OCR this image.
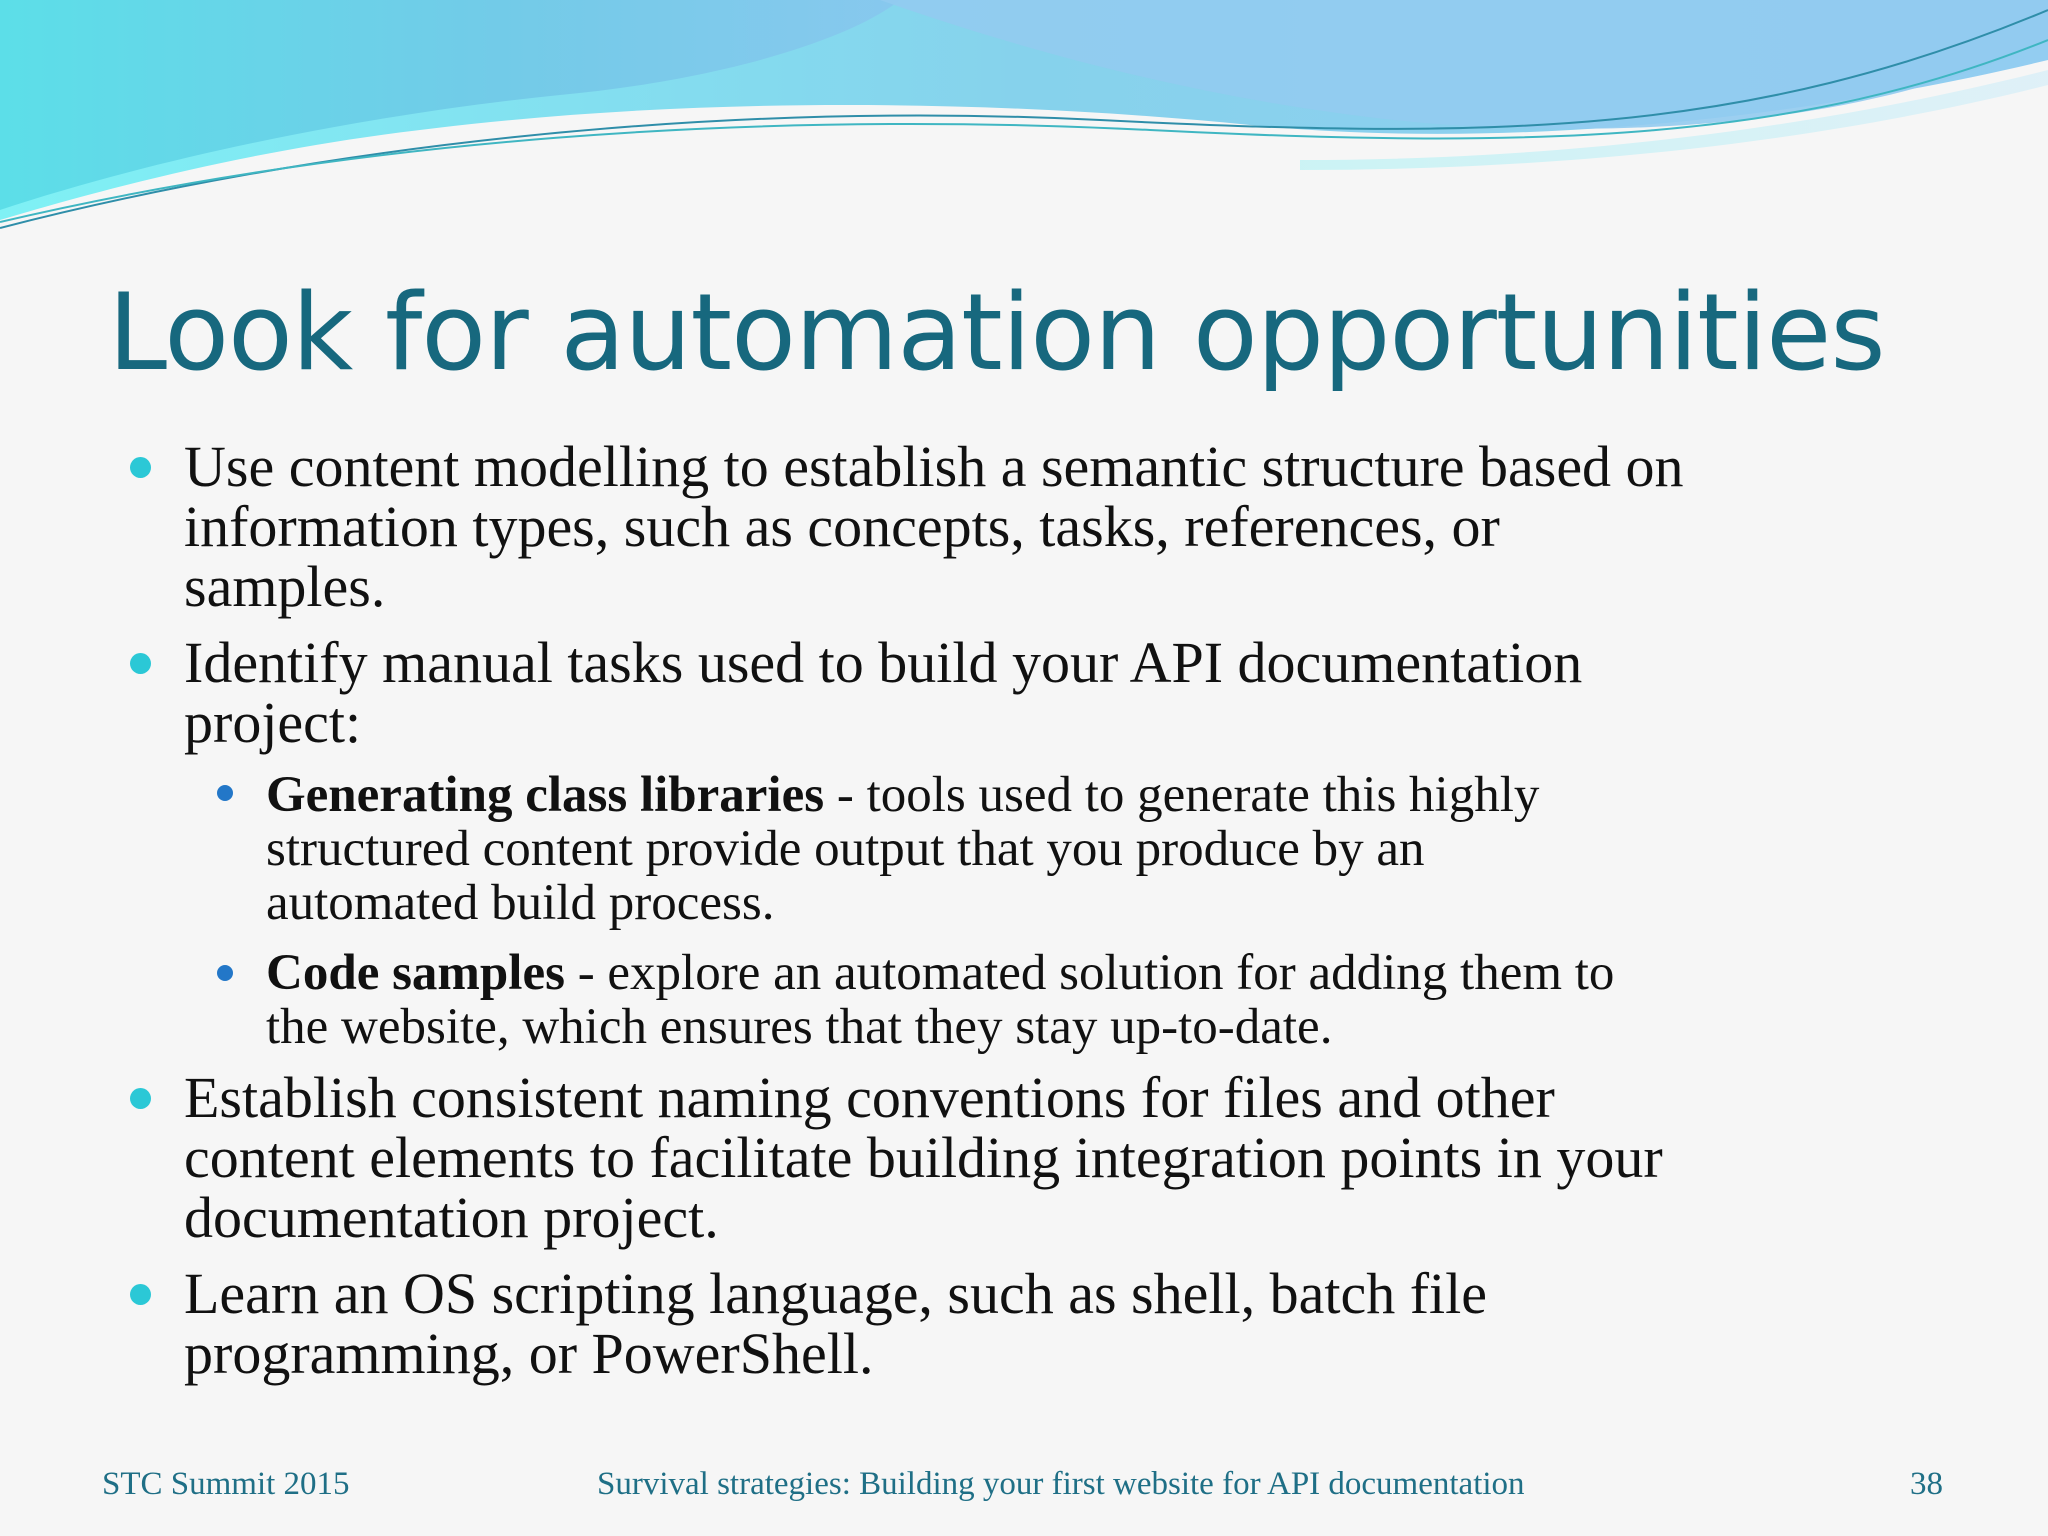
Look for automation opportunities
Use content modelling to establish a semantic structure based on
information types, such as concepts, tasks, references, or
samples.
Identify manual tasks used to build your API documentation
project:
Generating class libraries - tools used to generate this highly
structured content provide output that you produce by an
automated build process.
Code samples - explore an automated solution for adding them to
the website, which ensures that they stay up-to-date.
Establish consistent naming conventions for files and other
content elements to facilitate building integration points in your
documentation project.
Learn an OS scripting language, such as shell, batch file
programming, or PowerShell.
STC Summit 2015	Survival strategies: Building your first website for API documentation	38
